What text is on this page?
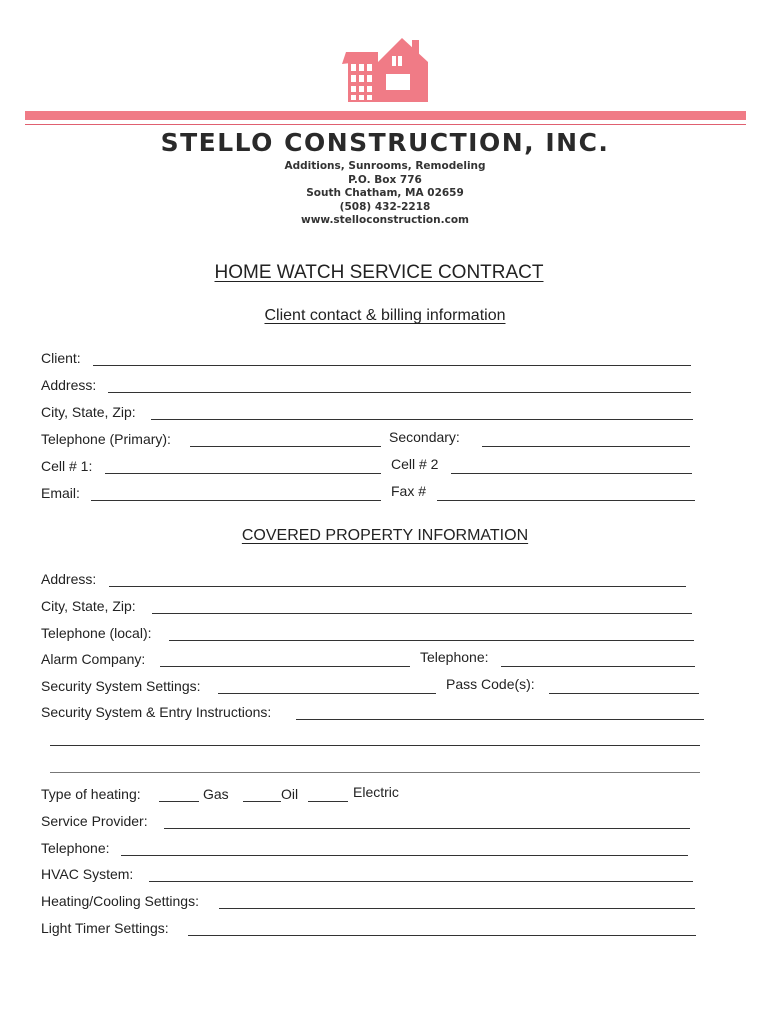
STELLO CONSTRUCTION, INC.
Additions, Sunrooms, Remodeling
P.O. Box 776
South Chatham, MA 02659
(508) 432-2218
www.stelloconstruction.com
HOME WATCH SERVICE CONTRACT
Client contact & billing information
Client:
Address:
City, State, Zip:
Telephone (Primary):	Secondary:
Cell # 1:	Cell # 2
Email:	Fax #
COVERED PROPERTY INFORMATION
Address:
City, State, Zip:
Telephone (local):
Alarm Company:	Telephone:
Security System Settings:	Pass Code(s):
Security System & Entry Instructions:
Type of heating:	Gas	Oil	Electric
Service Provider:
Telephone:
HVAC System:
Heating/Cooling Settings:
Light Timer Settings:
